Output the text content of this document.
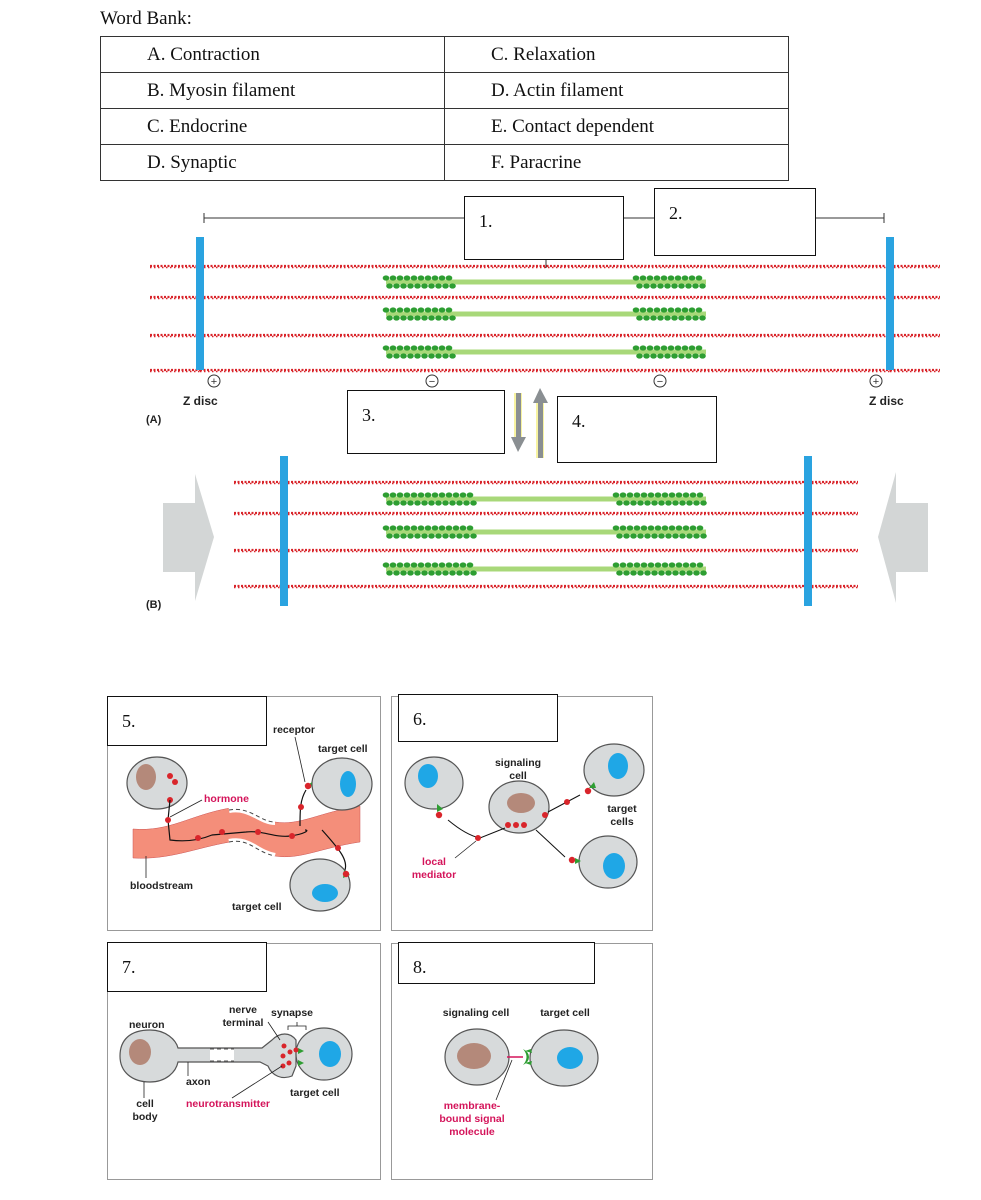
Word Bank:
A. Contraction	C. Relaxation
B. Myosin filament	D. Actin filament
C. Endocrine	E. Contact dependent
D. Synaptic	F. Paracrine
Z disc	Z disc
(A)
(B)
+	−	−	+
1.	2.
3.	4.
receptor
target cell
hormone
bloodstream
target cell
5.
signaling
cell
target
cells
local
mediator
6.
neuron
nerve
terminal
synapse
axon
cell
body
neurotransmitter
target cell
7.
signaling cell	target cell
membrane-
bound signal
molecule
8.
